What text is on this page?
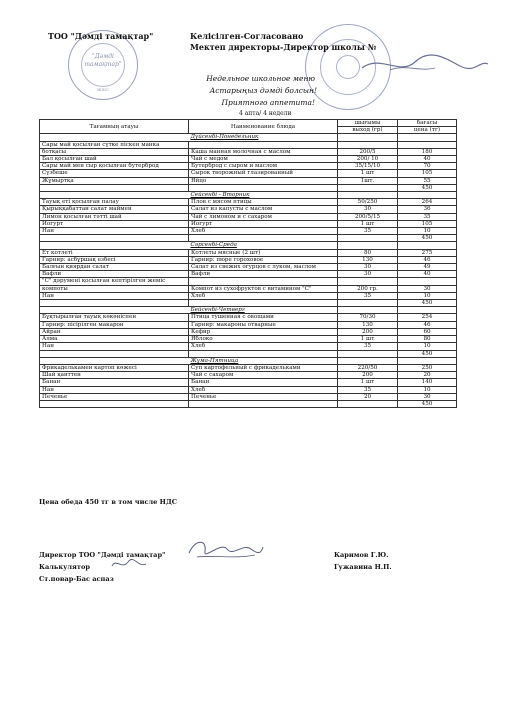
"Дәмді
тамақтар"
ЖШС
ТОО "Дәмді тамақтар"	Келісілген-Согласовано
Мектеп директоры-Директор школы №
Недельное школьное меню
Астарыңыз дәмді болсын!
Приятного аппетита!
4 апта/ 4 недели
Тағамның атауы	Наименование блюда	шығымы	бағасы
		выход (гр)	цена (тг)
	Дүйсенбі-Понедельник		
Сары май қосылған сүтке піскен манка			
ботқасы	Каша манная молочная с маслом	200/5	180
Бал қосылған шай	Чай с медом	200/ 10	40
Сары май мен сыр қосылған бутерброд	Бутерброд с сыром и маслом	35/15/10	70
Сүзбеше	Сырок творожный глазированный	1 шт	105
Жұмыртқа	Яйцо	1шт.	55
			450
	Сейсенбі - Вторник		
Тауық еті қосылған палау	Плов с мясом птицы	50/250	264
Қырыққабаттан салат маймен	Салат из капусты с маслом	30	36
Лимон қосылған тәтті шай	Чай с лимоном и с сахаром	200/5/15	35
Йогурт	Йогурт	1 шт	105
Нан	Хлеб	35	10
			450
	Сәрсенбі-Среда		
Ет котлеті	Котлеты мясные (2 шт)	80	275
Гарнир: асбұршақ езбесі	Гарнир: пюре гороховое	130	46
Балғын қиярдан салат	Салат из свежих огурцов с луком, маслом	30	49
Вафли	Вафли	30	40
"С" дәрумені қосылған кептірілген жеміс			
компоты	Компот из сухофруктов с витамином "С"	200 гр.	30
Нан	Хлеб	35	10
			450
	Бейсенбі-Четверг		
Бұқтырылған тауық көкөніспен	Птица тушенная с овощами	70/30	254
Гарнир: пісірілген макарон	Гарнир: макароны отварные	130	46
Айран	Кефир	200	60
Алма	Яблоко	1 шт	80
Нан	Хлеб	35	10
			450
	Жұма-Пятница		
Фрикаделькамен картоп көжесі	Суп картофельный с фрикадельками	220/50	250
Шай қанттен	Чай с сахаром	200	20
Банан	Банан	1 шт	140
Нан	Хлеб	35	10
Печенье	Печенье	20	30
			450
Цена обеда 450 тг в том числе НДС
Директор ТОО "Дәмді тамақтар"	Каримов Г.Ю.
Калькулятор	Гужавина Н.П.
Ст.повар-Бас аспаз
